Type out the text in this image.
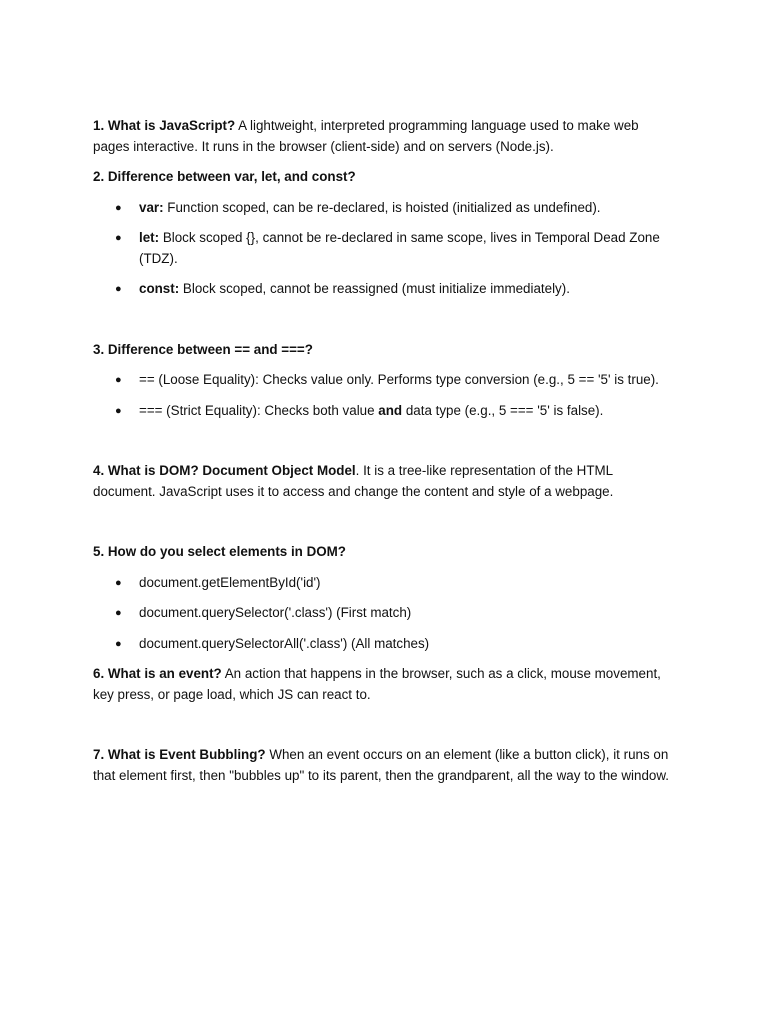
1. What is JavaScript? A lightweight, interpreted programming language used to make web pages interactive. It runs in the browser (client-side) and on servers (Node.js).

2. Difference between var, let, and const?

● var: Function scoped, can be re-declared, is hoisted (initialized as undefined).
● let: Block scoped {}, cannot be re-declared in same scope, lives in Temporal Dead Zone (TDZ).
● const: Block scoped, cannot be reassigned (must initialize immediately).

3. Difference between == and ===?

● == (Loose Equality): Checks value only. Performs type conversion (e.g., 5 == '5' is true).
● === (Strict Equality): Checks both value and data type (e.g., 5 === '5' is false).

4. What is DOM? Document Object Model. It is a tree-like representation of the HTML document. JavaScript uses it to access and change the content and style of a webpage.

5. How do you select elements in DOM?

● document.getElementById('id')
● document.querySelector('.class') (First match)
● document.querySelectorAll('.class') (All matches)

6. What is an event? An action that happens in the browser, such as a click, mouse movement, key press, or page load, which JS can react to.

7. What is Event Bubbling? When an event occurs on an element (like a button click), it runs on that element first, then "bubbles up" to its parent, then the grandparent, all the way to the window.
